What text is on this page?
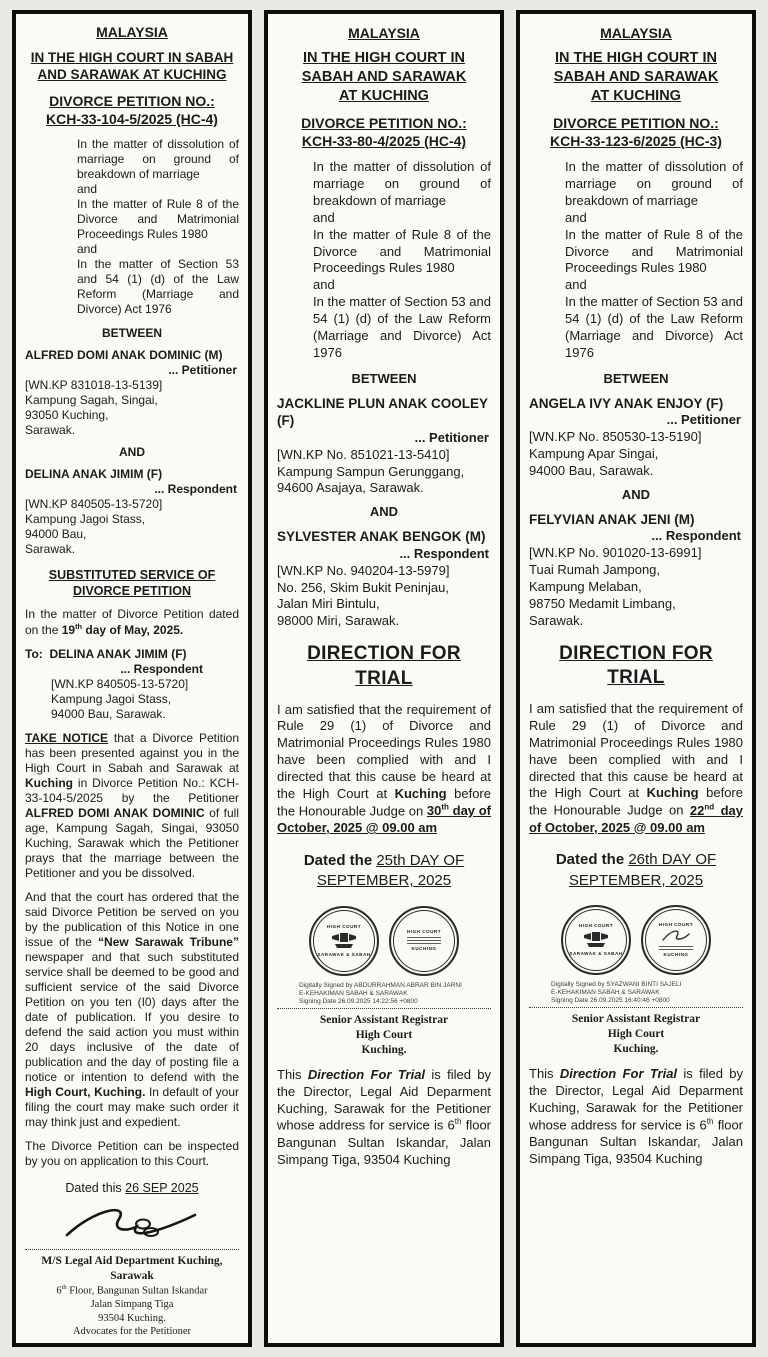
MALAYSIA
IN THE HIGH COURT IN SABAH AND SARAWAK AT KUCHING
DIVORCE PETITION NO.:
KCH-33-104-5/2025 (HC-4)
In the matter of dissolution of marriage on ground of breakdown of marriage
and
In the matter of Rule 8 of the Divorce and Matrimonial Proceedings Rules 1980
and
In the matter of Section 53 and 54 (1) (d) of the Law Reform (Marriage and Divorce) Act 1976
BETWEEN
ALFRED DOMI ANAK DOMINIC (M)
... Petitioner
[WN.KP 831018-13-5139]
Kampung Sagah, Singai,
93050 Kuching,
Sarawak.
AND
DELINA ANAK JIMIM (F)
... Respondent
[WN.KP 840505-13-5720]
Kampung Jagoi Stass,
94000 Bau,
Sarawak.
SUBSTITUTED SERVICE OF DIVORCE PETITION
In the matter of Divorce Petition dated on the 19th day of May, 2025.
To: DELINA ANAK JIMIM (F)
... Respondent
[WN.KP 840505-13-5720]
Kampung Jagoi Stass,
94000 Bau, Sarawak.
TAKE NOTICE that a Divorce Petition has been presented against you in the High Court in Sabah and Sarawak at Kuching in Divorce Petition No.: KCH-33-104-5/2025 by the Petitioner ALFRED DOMI ANAK DOMINIC of full age, Kampung Sagah, Singai, 93050 Kuching, Sarawak which the Petitioner prays that the marriage between the Petitioner and you be dissolved.
And that the court has ordered that the said Divorce Petition be served on you by the publication of this Notice in one issue of the “New Sarawak Tribune” newspaper and that such substituted service shall be deemed to be good and sufficient service of the said Divorce Petition on you ten (I0) days after the date of publication. If you desire to defend the said action you must within 20 days inclusive of the date of publication and the day of posting file a notice or intention to defend with the High Court, Kuching. In default of your filing the court may make such order it may think just and expedient.
The Divorce Petition can be inspected by you on application to this Court.
Dated this 26 SEP 2025
M/S Legal Aid Department Kuching, Sarawak
6th Floor, Bangunan Sultan Iskandar
Jalan Simpang Tiga
93504 Kuching.
Advocates for the Petitioner
MALAYSIA
IN THE HIGH COURT IN SABAH AND SARAWAK AT KUCHING
DIVORCE PETITION NO.:
KCH-33-80-4/2025 (HC-4)
In the matter of dissolution of marriage on ground of breakdown of marriage
and
In the matter of Rule 8 of the Divorce and Matrimonial Proceedings Rules 1980
and
In the matter of Section 53 and 54 (1) (d) of the Law Reform (Marriage and Divorce) Act 1976
BETWEEN
JACKLINE PLUN ANAK COOLEY (F)
... Petitioner
[WN.KP No. 851021-13-5410]
Kampung Sampun Gerunggang,
94600 Asajaya, Sarawak.
AND
SYLVESTER ANAK BENGOK (M)
... Respondent
[WN.KP No. 940204-13-5979]
No. 256, Skim Bukit Peninjau,
Jalan Miri Bintulu,
98000 Miri, Sarawak.
DIRECTION FOR TRIAL
I am satisfied that the requirement of Rule 29 (1) of Divorce and Matrimonial Proceedings Rules 1980 have been complied with and I directed that this cause be heard at the High Court at Kuching before the Honourable Judge on 30th day of October, 2025 @ 09.00 am
Dated the 25th DAY OF SEPTEMBER, 2025
HIGH COURT
SARAWAK & SABAH
HIGH COURT
KUCHING
Digitally Signed by ABDURRAHMAN ABRAR BIN JARNI
E-KEHAKIMAN SABAH & SARAWAK
Signing Date 26.09.2025 14:22:56 +0800
Senior Assistant Registrar
High Court
Kuching.
This Direction For Trial is filed by the Director, Legal Aid Deparment Kuching, Sarawak for the Petitioner whose address for service is 6th floor Bangunan Sultan Iskandar, Jalan Simpang Tiga, 93504 Kuching
MALAYSIA
IN THE HIGH COURT IN SABAH AND SARAWAK AT KUCHING
DIVORCE PETITION NO.:
KCH-33-123-6/2025 (HC-3)
In the matter of dissolution of marriage on ground of breakdown of marriage
and
In the matter of Rule 8 of the Divorce and Matrimonial Proceedings Rules 1980
and
In the matter of Section 53 and 54 (1) (d) of the Law Reform (Marriage and Divorce) Act 1976
BETWEEN
ANGELA IVY ANAK ENJOY (F)
... Petitioner
[WN.KP No. 850530-13-5190]
Kampung Apar Singai,
94000 Bau, Sarawak.
AND
FELYVIAN ANAK JENI (M)
... Respondent
[WN.KP No. 901020-13-6991]
Tuai Rumah Jampong,
Kampung Melaban,
98750 Medamit Limbang,
Sarawak.
DIRECTION FOR TRIAL
I am satisfied that the requirement of Rule 29 (1) of Divorce and Matrimonial Proceedings Rules 1980 have been complied with and I directed that this cause be heard at the High Court at Kuching before the Honourable Judge on 22nd day of October, 2025 @ 09.00 am
Dated the 26th DAY OF SEPTEMBER, 2025
HIGH COURT
SARAWAK & SABAH
HIGH COURT
KUCHING
Digitally Signed by SYAZWANI BINTI SAJELI
E-KEHAKIMAN SABAH & SARAWAK
Signing Date 26.09.2025 16:40:46 +0800
Senior Assistant Registrar
High Court
Kuching.
This Direction For Trial is filed by the Director, Legal Aid Deparment Kuching, Sarawak for the Petitioner whose address for service is 6th floor Bangunan Sultan Iskandar, Jalan Simpang Tiga, 93504 Kuching
